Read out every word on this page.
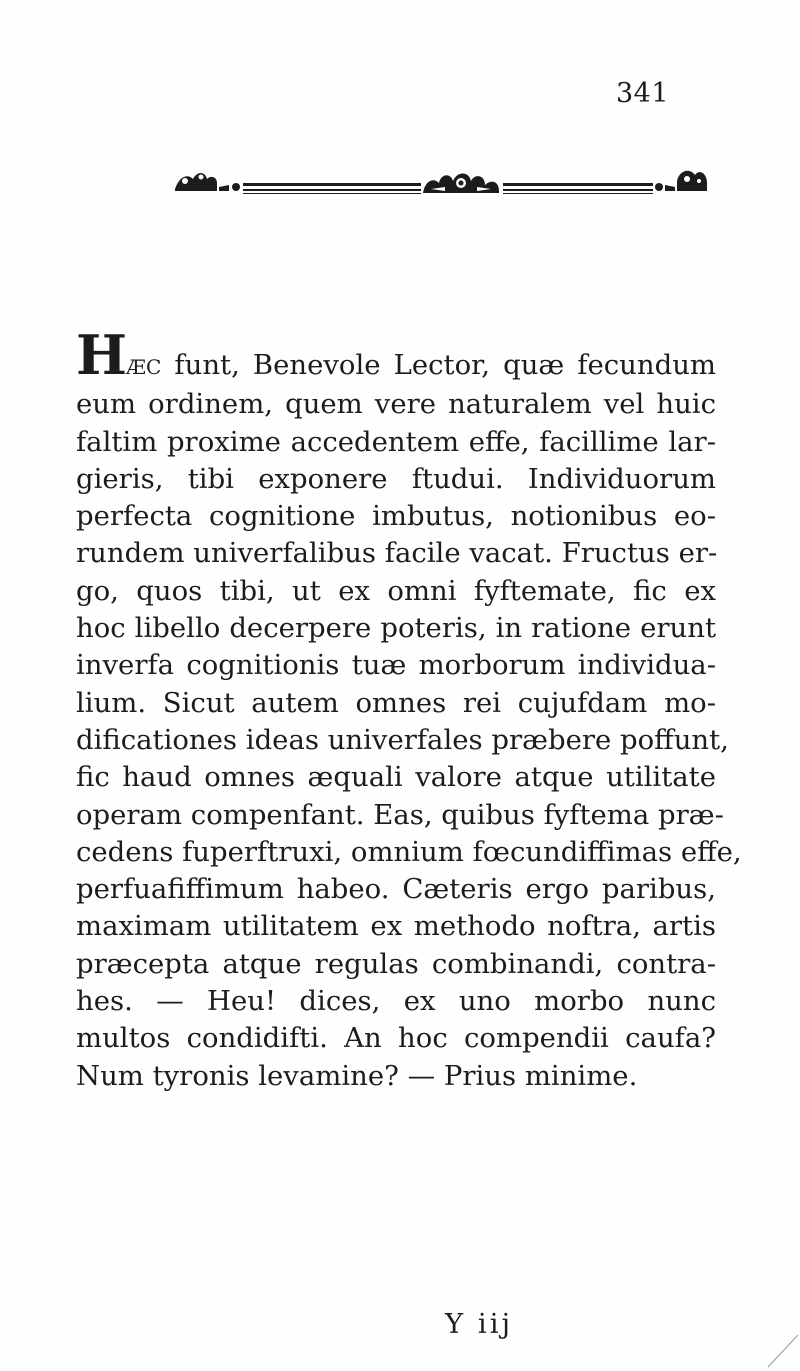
341
HÆC funt, Benevole Lector, quæ fecundum
eum ordinem, quem vere naturalem vel huic
faltim proxime accedentem effe, facillime lar-
gieris, tibi exponere ftudui. Individuorum
perfecta cognitione imbutus, notionibus eo-
rundem univerfalibus facile vacat. Fructus er-
go, quos tibi, ut ex omni fyftemate, fic ex
hoc libello decerpere poteris, in ratione erunt
inverfa cognitionis tuæ morborum individua-
lium. Sicut autem omnes rei cujufdam mo-
dificationes ideas univerfales præbere poffunt,
fic haud omnes æquali valore atque utilitate
operam compenfant. Eas, quibus fyftema præ-
cedens fuperftruxi, omnium fœcundiffimas effe,
perfuafiffimum habeo. Cæteris ergo paribus,
maximam utilitatem ex methodo noftra, artis
præcepta atque regulas combinandi, contra-
hes. — Heu! dices, ex uno morbo nunc
multos condidifti. An hoc compendii caufa?
Num tyronis levamine? — Prius minime.
Y iij
